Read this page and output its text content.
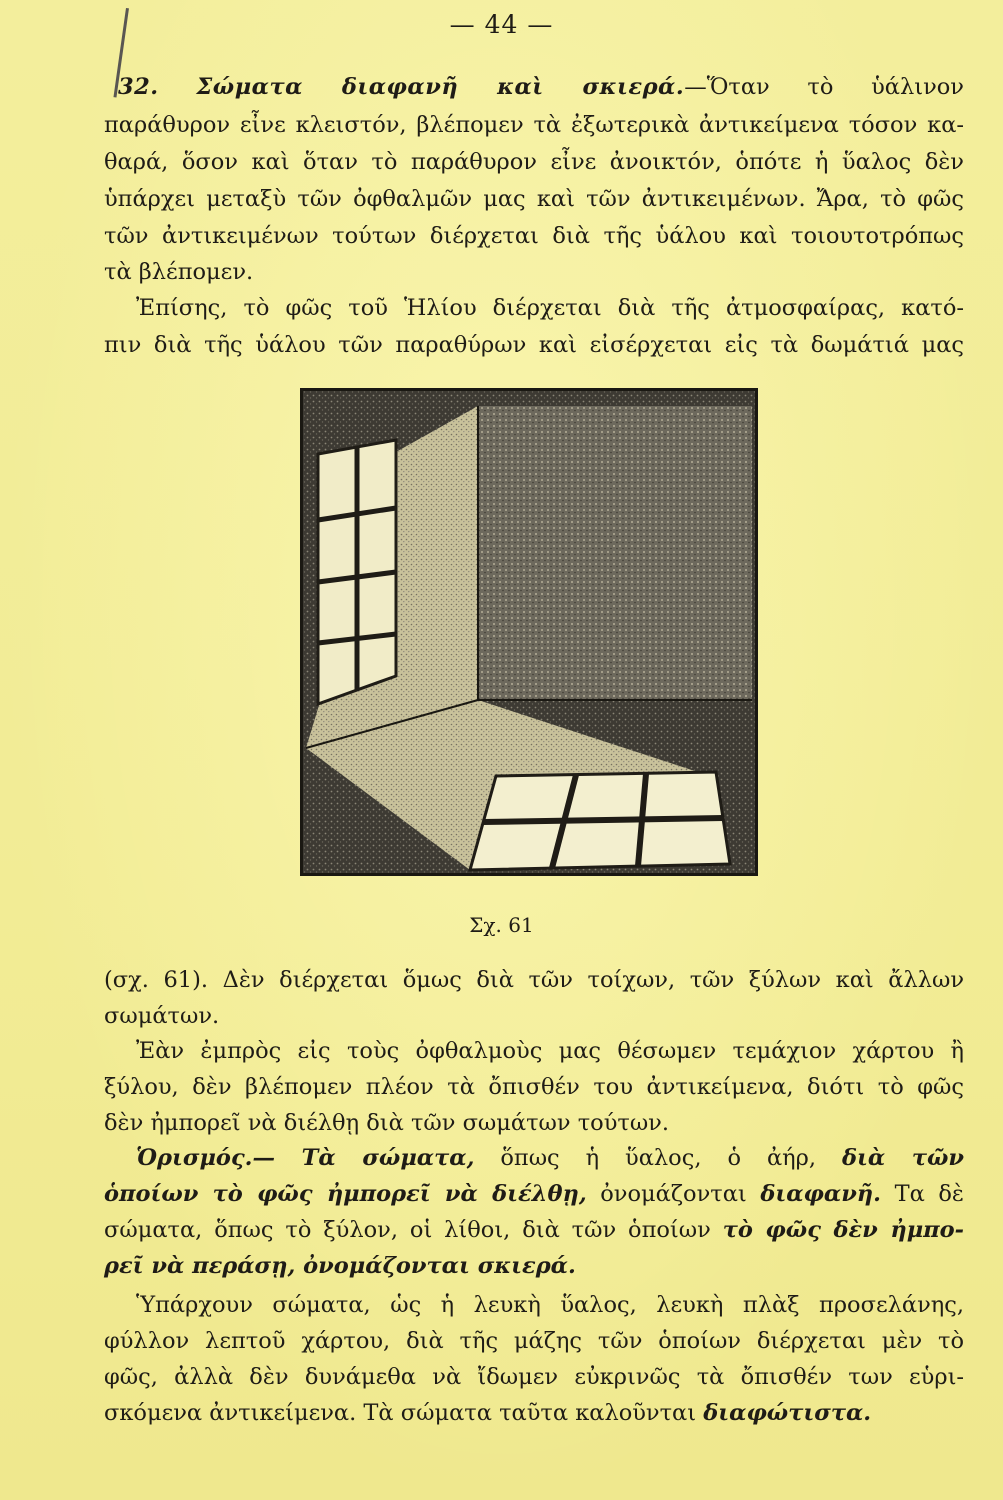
— 44 —
32. Σώματα διαφανῆ καὶ σκιερά.—Ὅταν τὸ ὑάλινον
παράθυρον εἶνε κλειστόν, βλέπομεν τὰ ἐξωτερικὰ ἀντικείμενα τόσον κα-
θαρά, ὅσον καὶ ὅταν τὸ παράθυρον εἶνε ἀνοικτόν, ὁπότε ἡ ὕαλος δὲν
ὑπάρχει μεταξὺ τῶν ὀφθαλμῶν μας καὶ τῶν ἀντικειμένων. Ἄρα, τὸ φῶς
τῶν ἀντικειμένων τούτων διέρχεται διὰ τῆς ὑάλου καὶ τοιουτοτρόπως
τὰ βλέπομεν.
Ἐπίσης, τὸ φῶς τοῦ Ἡλίου διέρχεται διὰ τῆς ἀτμοσφαίρας, κατό-
πιν διὰ τῆς ὑάλου τῶν παραθύρων καὶ εἰσέρχεται εἰς τὰ δωμάτιά μας
Σχ. 61
(σχ. 61). Δὲν διέρχεται ὅμως διὰ τῶν τοίχων, τῶν ξύλων καὶ ἄλλων
σωμάτων.
Ἐὰν ἐμπρὸς εἰς τοὺς ὀφθαλμοὺς μας θέσωμεν τεμάχιον χάρτου ἢ
ξύλου, δὲν βλέπομεν πλέον τὰ ὄπισθέν του ἀντικείμενα, διότι τὸ φῶς
δὲν ἠμπορεῖ νὰ διέλθῃ διὰ τῶν σωμάτων τούτων.
Ὁρισμός.— Τὰ σώματα, ὅπως ἡ ὕαλος, ὁ ἀήρ, διὰ τῶν
ὁποίων τὸ φῶς ἠμπορεῖ νὰ διέλθῃ, ὀνομάζονται διαφανῆ. Τα δὲ
σώματα, ὅπως τὸ ξύλον, οἱ λίθοι, διὰ τῶν ὁποίων τὸ φῶς δὲν ἠμπο-
ρεῖ νὰ περάσῃ, ὀνομάζονται σκιερά.
Ὑπάρχουν σώματα, ὡς ἡ λευκὴ ὕαλος, λευκὴ πλὰξ προσελάνης,
φύλλον λεπτοῦ χάρτου, διὰ τῆς μάζης τῶν ὁποίων διέρχεται μὲν τὸ
φῶς, ἀλλὰ δὲν δυνάμεθα νὰ ἴδωμεν εὐκρινῶς τὰ ὄπισθέν των εὑρι-
σκόμενα ἀντικείμενα. Τὰ σώματα ταῦτα καλοῦνται διαφώτιστα.
